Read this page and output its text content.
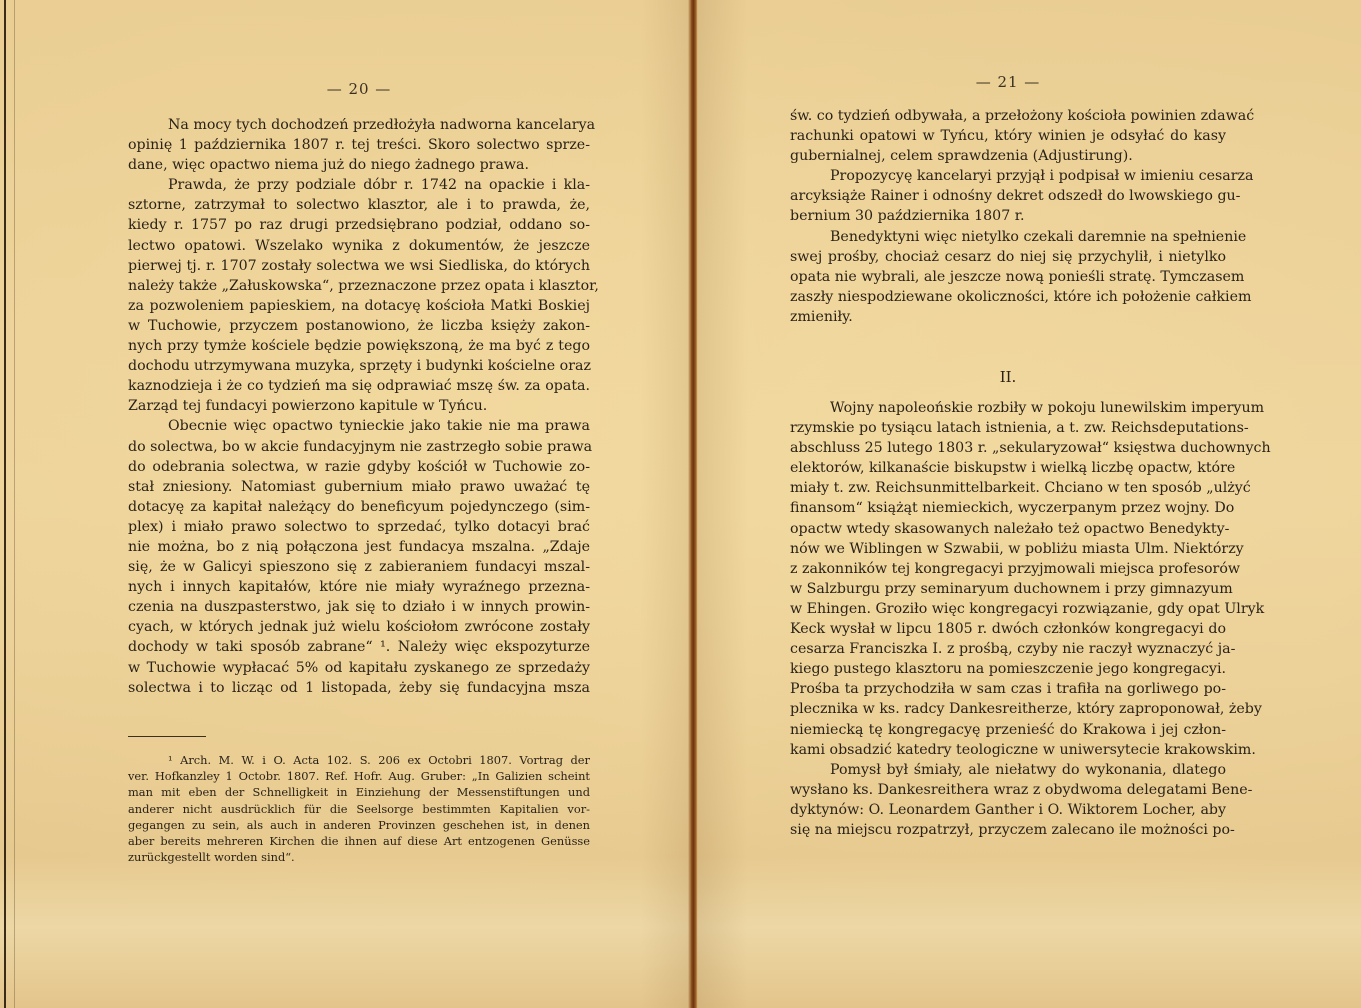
— 20 —
Na mocy tych dochodzeń przedłożyła nadworna kancelarya
opinię 1 października 1807 r. tej treści. Skoro solectwo sprze-
dane, więc opactwo niema już do niego żadnego prawa.
Prawda, że przy podziale dóbr r. 1742 na opackie i kla-
sztorne, zatrzymał to solectwo klasztor, ale i to prawda, że,
kiedy r. 1757 po raz drugi przedsiębrano podział, oddano so-
lectwo opatowi. Wszelako wynika z dokumentów, że jeszcze
pierwej tj. r. 1707 zostały solectwa we wsi Siedliska, do których
należy także „Załuskowska“, przeznaczone przez opata i klasztor,
za pozwoleniem papieskiem, na dotacyę kościoła Matki Boskiej
w Tuchowie, przyczem postanowiono, że liczba księży zakon-
nych przy tymże kościele będzie powiększoną, że ma być z tego
dochodu utrzymywana muzyka, sprzęty i budynki kościelne oraz
kaznodzieja i że co tydzień ma się odprawiać mszę św. za opata.
Zarząd tej fundacyi powierzono kapitule w Tyńcu.
Obecnie więc opactwo tynieckie jako takie nie ma prawa
do solectwa, bo w akcie fundacyjnym nie zastrzegło sobie prawa
do odebrania solectwa, w razie gdyby kościół w Tuchowie zo-
stał zniesiony. Natomiast gubernium miało prawo uważać tę
dotacyę za kapitał należący do beneficyum pojedynczego (sim-
plex) i miało prawo solectwo to sprzedać, tylko dotacyi brać
nie można, bo z nią połączona jest fundacya mszalna. „Zdaje
się, że w Galicyi spieszono się z zabieraniem fundacyi mszal-
nych i innych kapitałów, które nie miały wyraźnego przezna-
czenia na duszpasterstwo, jak się to działo i w innych prowin-
cyach, w których jednak już wielu kościołom zwrócone zostały
dochody w taki sposób zabrane“ ¹. Należy więc ekspozyturze
w Tuchowie wypłacać 5% od kapitału zyskanego ze sprzedaży
solectwa i to licząc od 1 listopada, żeby się fundacyjna msza
¹ Arch. M. W. i O. Acta 102. S. 206 ex Octobri 1807. Vortrag der
ver. Hofkanzley 1 Octobr. 1807. Ref. Hofr. Aug. Gruber: „In Galizien scheint
man mit eben der Schnelligkeit in Einziehung der Messenstiftungen und
anderer nicht ausdrücklich für die Seelsorge bestimmten Kapitalien vor-
gegangen zu sein, als auch in anderen Provinzen geschehen ist, in denen
aber bereits mehreren Kirchen die ihnen auf diese Art entzogenen Genüsse
zurückgestellt worden sind“.
— 21 —
św. co tydzień odbywała, a przełożony kościoła powinien zdawać
rachunki opatowi w Tyńcu, który winien je odsyłać do kasy
gubernialnej, celem sprawdzenia (Adjustirung).
Propozycyę kancelaryi przyjął i podpisał w imieniu cesarza
arcyksiąże Rainer i odnośny dekret odszedł do lwowskiego gu-
bernium 30 października 1807 r.
Benedyktyni więc nietylko czekali daremnie na spełnienie
swej prośby, chociaż cesarz do niej się przychylił, i nietylko
opata nie wybrali, ale jeszcze nową ponieśli stratę. Tymczasem
zaszły niespodziewane okoliczności, które ich położenie całkiem
zmieniły.
II.
Wojny napoleońskie rozbiły w pokoju lunewilskim imperyum
rzymskie po tysiącu latach istnienia, a t. zw. Reichsdeputations-
abschluss 25 lutego 1803 r. „sekularyzował“ księstwa duchownych
elektorów, kilkanaście biskupstw i wielką liczbę opactw, które
miały t. zw. Reichsunmittelbarkeit. Chciano w ten sposób „ulżyć
finansom“ książąt niemieckich, wyczerpanym przez wojny. Do
opactw wtedy skasowanych należało też opactwo Benedykty-
nów we Wiblingen w Szwabii, w pobliżu miasta Ulm. Niektórzy
z zakonników tej kongregacyi przyjmowali miejsca profesorów
w Salzburgu przy seminaryum duchownem i przy gimnazyum
w Ehingen. Groziło więc kongregacyi rozwiązanie, gdy opat Ulryk
Keck wysłał w lipcu 1805 r. dwóch członków kongregacyi do
cesarza Franciszka I. z prośbą, czyby nie raczył wyznaczyć ja-
kiego pustego klasztoru na pomieszczenie jego kongregacyi.
Prośba ta przychodziła w sam czas i trafiła na gorliwego po-
plecznika w ks. radcy Dankesreitherze, który zaproponował, żeby
niemiecką tę kongregacyę przenieść do Krakowa i jej człon-
kami obsadzić katedry teologiczne w uniwersytecie krakowskim.
Pomysł był śmiały, ale niełatwy do wykonania, dlatego
wysłano ks. Dankesreithera wraz z obydwoma delegatami Bene-
dyktynów: O. Leonardem Ganther i O. Wiktorem Locher, aby
się na miejscu rozpatrzył, przyczem zalecano ile możności po-
